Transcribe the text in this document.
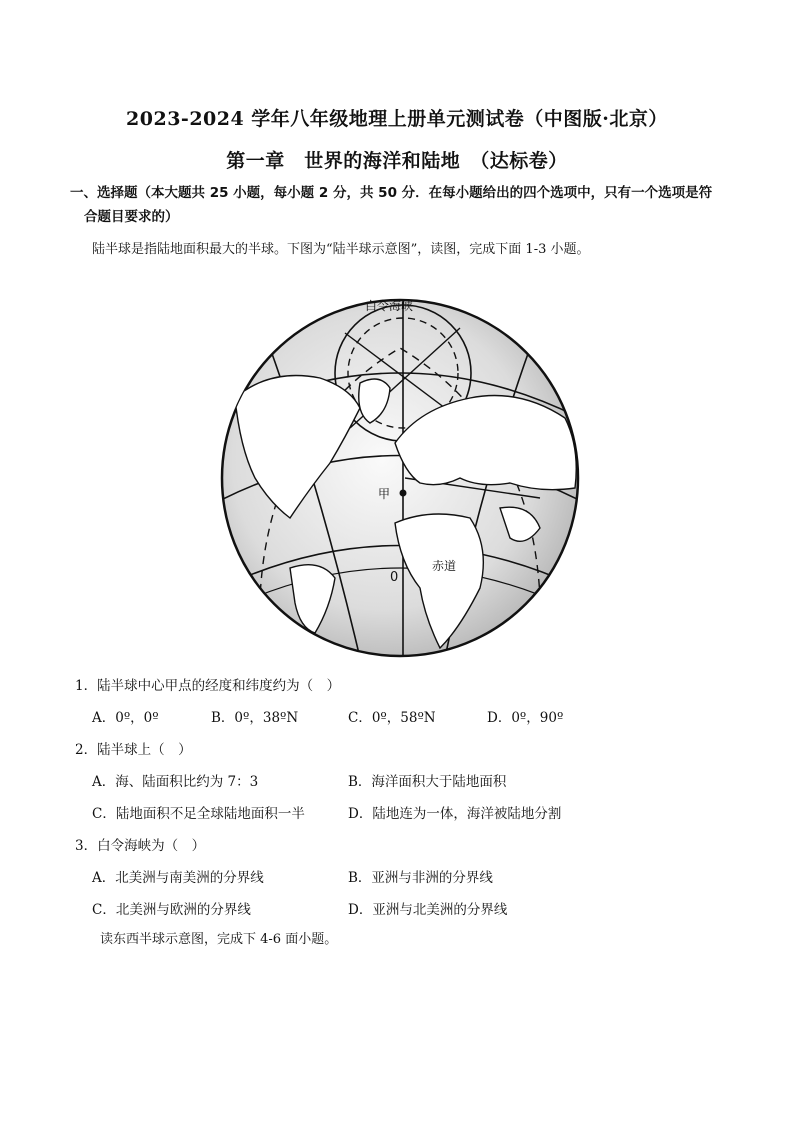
2023-2024 学年八年级地理上册单元测试卷（中图版·北京）
第一章　世界的海洋和陆地　（达标卷）
一、选择题（本大题共 25 小题，每小题 2 分，共 50 分．在每小题给出的四个选项中，只有一个选项是符
合题目要求的）
陆半球是指陆地面积最大的半球。下图为“陆半球示意图”，读图，完成下面 1-3 小题。
白令海峡
甲
赤道
0
1．陆半球中心甲点的经度和纬度约为（　）
A．0º，0º	B．0º，38ºN	C．0º，58ºN	D．0º，90º
2．陆半球上（　）
A．海、陆面积比约为 7：3	B．海洋面积大于陆地面积
C．陆地面积不足全球陆地面积一半	D．陆地连为一体，海洋被陆地分割
3．白令海峡为（　）
A．北美洲与南美洲的分界线	B．亚洲与非洲的分界线
C．北美洲与欧洲的分界线	D．亚洲与北美洲的分界线
读东西半球示意图，完成下 4-6 面小题。
